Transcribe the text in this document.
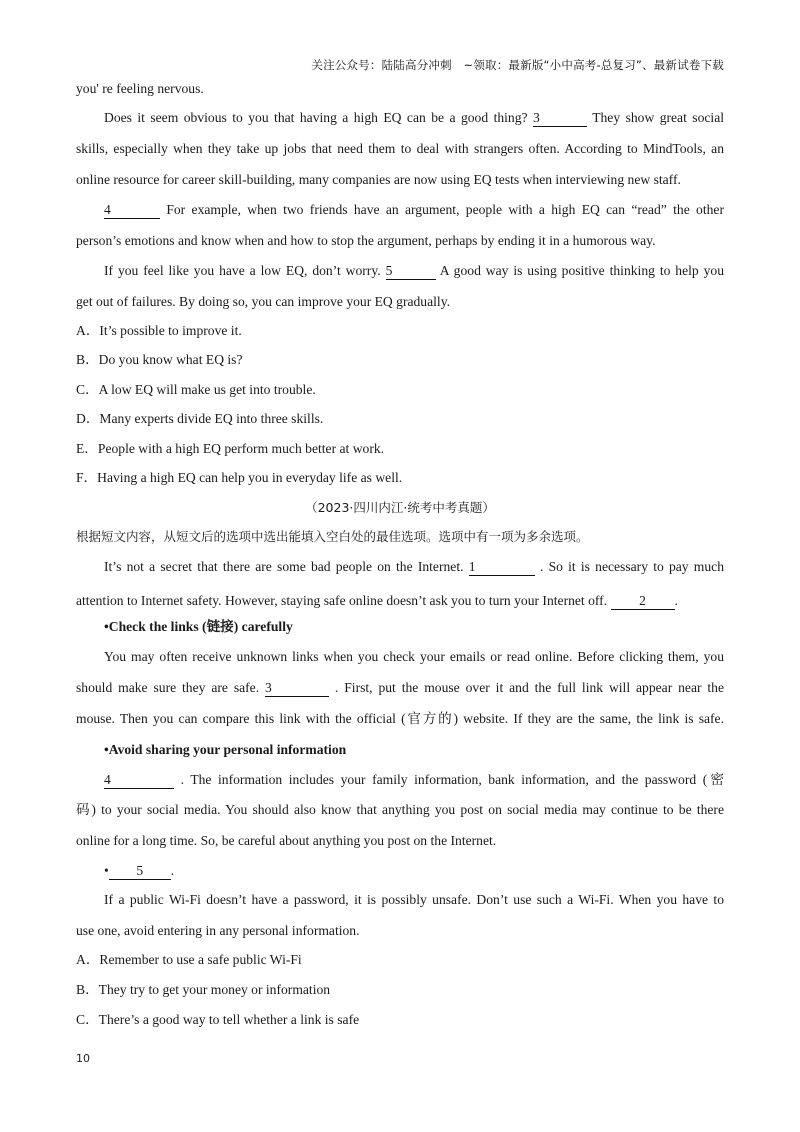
关注公众号：陆陆高分冲刺　~领取：最新版“小中高考-总复习”、最新试卷下载
you' re feeling nervous.
Does it seem obvious to you that having a high EQ can be a good thing? 3	They show great social
skills, especially when they take up jobs that need them to deal with strangers often. According to MindTools, an
online resource for career skill-building, many companies are now using EQ tests when interviewing new staff.
4	For example, when two friends have an argument, people with a high EQ can “read” the other
person’s emotions and know when and how to stop the argument, perhaps by ending it in a humorous way.
If you feel like you have a low EQ, don’t worry. 5	A good way is using positive thinking to help you
get out of failures. By doing so, you can improve your EQ gradually.
A．It’s possible to improve it.
B．Do you know what EQ is?
C．A low EQ will make us get into trouble.
D．Many experts divide EQ into three skills.
E．People with a high EQ perform much better at work.
F．Having a high EQ can help you in everyday life as well.
（2023·四川内江·统考中考真题）
根据短文内容，从短文后的选项中选出能填入空白处的最佳选项。选项中有一项为多余选项。
It’s not a secret that there are some bad people on the Internet. 1	. So it is necessary to pay much
attention to Internet safety. However, staying safe online doesn’t ask you to turn your Internet off. 2 .
•Check the links (链接) carefully
You may often receive unknown links when you check your emails or read online. Before clicking them, you
should make sure they are safe. 3	. First, put the mouse over it and the full link will appear near the
mouse. Then you can compare this link with the official (官方的) website. If they are the same, the link is safe.
•Avoid sharing your personal information
4	. The information includes your family information, bank information, and the password (密
码) to your social media. You should also know that anything you post on social media may continue to be there
online for a long time. So, be careful about anything you post on the Internet.
• 5 .
If a public Wi-Fi doesn’t have a password, it is possibly unsafe. Don’t use such a Wi-Fi. When you have to
use one, avoid entering in any personal information.
A．Remember to use a safe public Wi-Fi
B．They try to get your money or information
C．There’s a good way to tell whether a link is safe
10
